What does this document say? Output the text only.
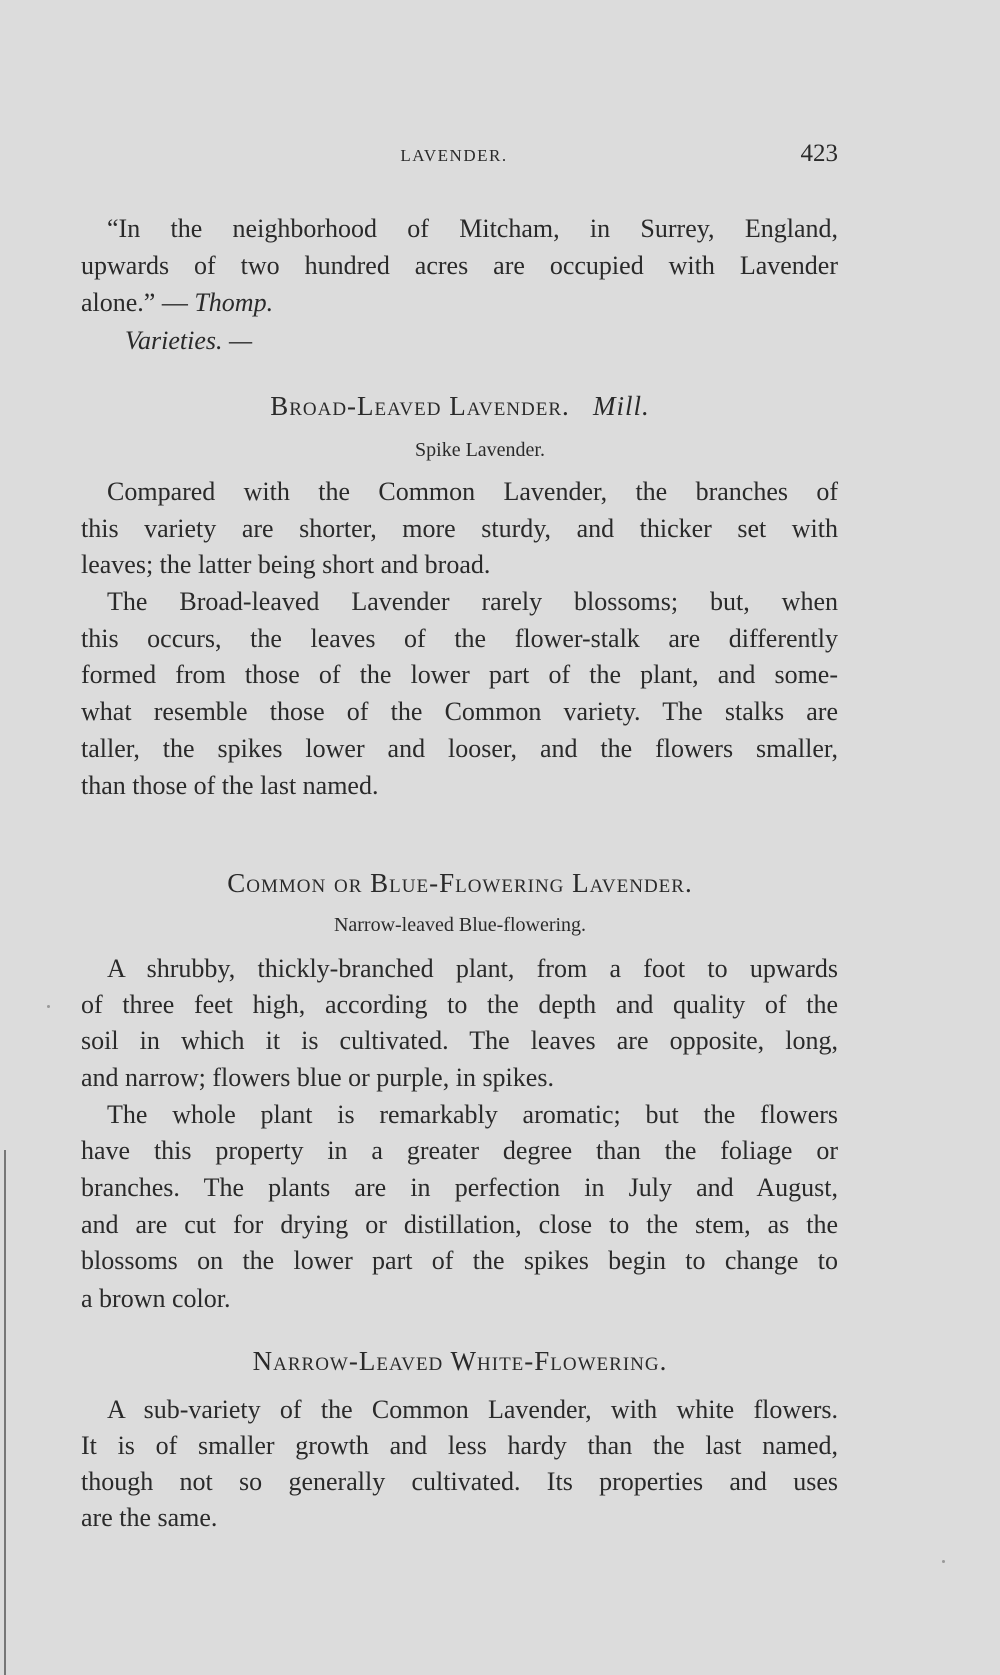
LAVENDER.	423
“In the neighborhood of Mitcham, in Surrey, England,
upwards of two hundred acres are occupied with Lavender
alone.” — Thomp.
Varieties. —
Broad-Leaved Lavender. Mill.
Spike Lavender.
Compared with the Common Lavender, the branches of
this variety are shorter, more sturdy, and thicker set with
leaves; the latter being short and broad.
The Broad-leaved Lavender rarely blossoms; but, when
this occurs, the leaves of the flower-stalk are differently
formed from those of the lower part of the plant, and some-
what resemble those of the Common variety. The stalks are
taller, the spikes lower and looser, and the flowers smaller,
than those of the last named.
Common or Blue-Flowering Lavender.
Narrow-leaved Blue-flowering.
A shrubby, thickly-branched plant, from a foot to upwards
of three feet high, according to the depth and quality of the
soil in which it is cultivated. The leaves are opposite, long,
and narrow; flowers blue or purple, in spikes.
The whole plant is remarkably aromatic; but the flowers
have this property in a greater degree than the foliage or
branches. The plants are in perfection in July and August,
and are cut for drying or distillation, close to the stem, as the
blossoms on the lower part of the spikes begin to change to
a brown color.
Narrow-Leaved White-Flowering.
A sub-variety of the Common Lavender, with white flowers.
It is of smaller growth and less hardy than the last named,
though not so generally cultivated. Its properties and uses
are the same.
